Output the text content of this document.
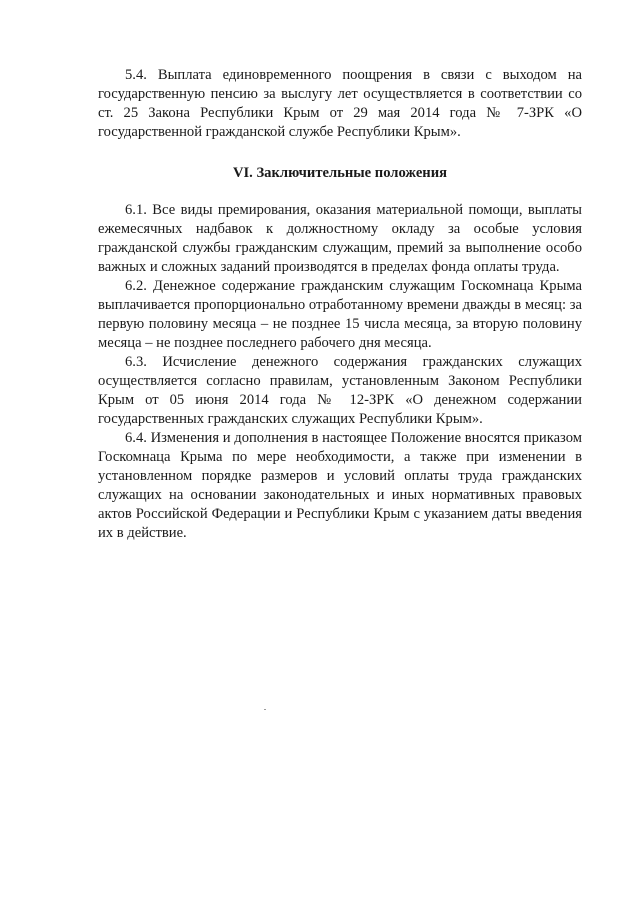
5.4. Выплата единовременного поощрения в связи с выходом на государственную пенсию за выслугу лет осуществляется в соответствии со ст. 25 Закона Республики Крым от 29 мая 2014 года № 7-ЗРК «О государственной гражданской службе Республики Крым».

VI. Заключительные положения

6.1. Все виды премирования, оказания материальной помощи, выплаты ежемесячных надбавок к должностному окладу за особые условия гражданской службы гражданским служащим, премий за выполнение особо важных и сложных заданий производятся в пределах фонда оплаты труда.

6.2. Денежное содержание гражданским служащим Госкомнаца Крыма выплачивается пропорционально отработанному времени дважды в месяц: за первую половину месяца – не позднее 15 числа месяца, за вторую половину месяца – не позднее последнего рабочего дня месяца.

6.3. Исчисление денежного содержания гражданских служащих осуществляется согласно правилам, установленным Законом Республики Крым от 05 июня 2014 года № 12-ЗРК «О денежном содержании государственных гражданских служащих Республики Крым».

6.4. Изменения и дополнения в настоящее Положение вносятся приказом Госкомнаца Крыма по мере необходимости, а также при изменении в установленном порядке размеров и условий оплаты труда гражданских служащих на основании законодательных и иных нормативных правовых актов Российской Федерации и Республики Крым с указанием даты введения их в действие.
